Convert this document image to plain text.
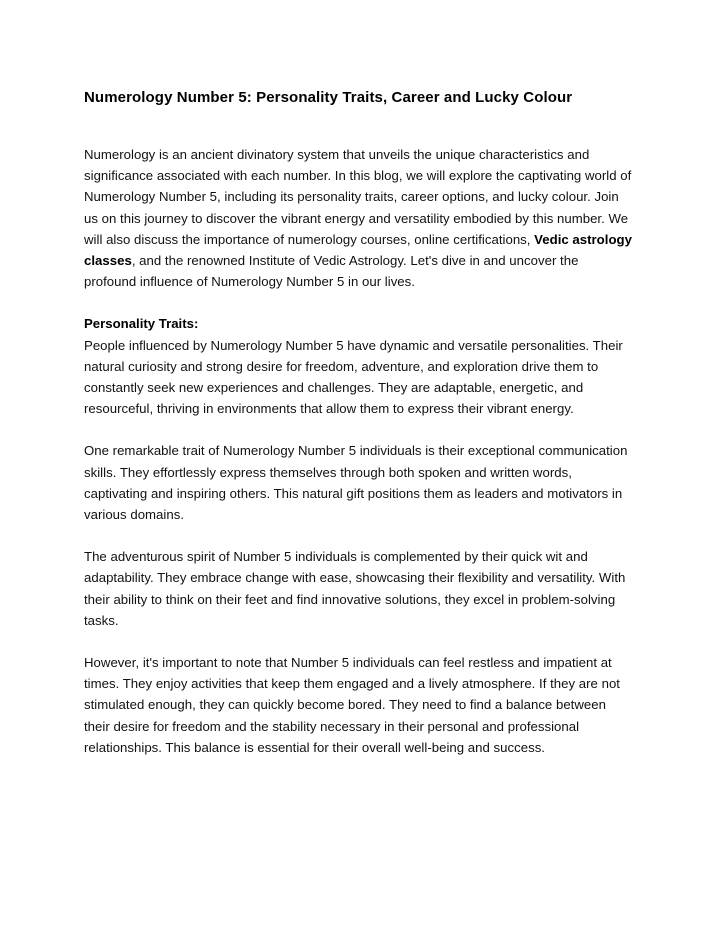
Numerology Number 5: Personality Traits, Career and Lucky Colour

Numerology is an ancient divinatory system that unveils the unique characteristics and significance associated with each number. In this blog, we will explore the captivating world of Numerology Number 5, including its personality traits, career options, and lucky colour. Join us on this journey to discover the vibrant energy and versatility embodied by this number. We will also discuss the importance of numerology courses, online certifications, Vedic astrology classes, and the renowned Institute of Vedic Astrology. Let's dive in and uncover the profound influence of Numerology Number 5 in our lives.

Personality Traits:

People influenced by Numerology Number 5 have dynamic and versatile personalities. Their natural curiosity and strong desire for freedom, adventure, and exploration drive them to constantly seek new experiences and challenges. They are adaptable, energetic, and resourceful, thriving in environments that allow them to express their vibrant energy.

One remarkable trait of Numerology Number 5 individuals is their exceptional communication skills. They effortlessly express themselves through both spoken and written words, captivating and inspiring others. This natural gift positions them as leaders and motivators in various domains.

The adventurous spirit of Number 5 individuals is complemented by their quick wit and adaptability. They embrace change with ease, showcasing their flexibility and versatility. With their ability to think on their feet and find innovative solutions, they excel in problem-solving tasks.

However, it's important to note that Number 5 individuals can feel restless and impatient at times. They enjoy activities that keep them engaged and a lively atmosphere. If they are not stimulated enough, they can quickly become bored. They need to find a balance between their desire for freedom and the stability necessary in their personal and professional relationships. This balance is essential for their overall well-being and success.
